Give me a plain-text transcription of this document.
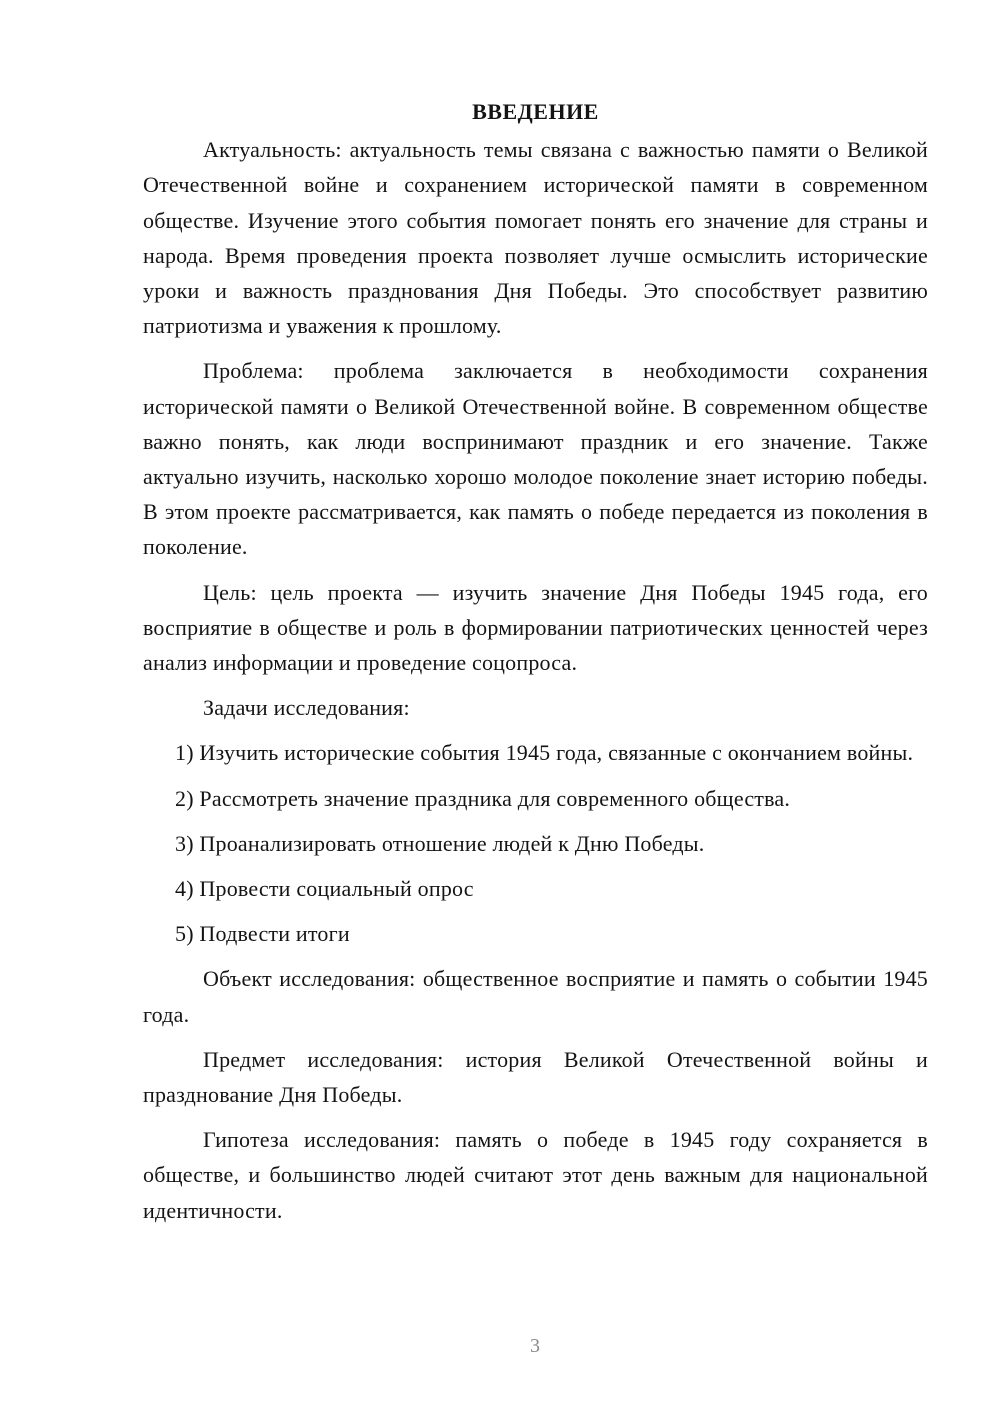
ВВЕДЕНИЕ

Актуальность: актуальность темы связана с важностью памяти о Великой Отечественной войне и сохранением исторической памяти в современном обществе. Изучение этого события помогает понять его значение для страны и народа. Время проведения проекта позволяет лучше осмыслить исторические уроки и важность празднования Дня Победы. Это способствует развитию патриотизма и уважения к прошлому.

Проблема: проблема заключается в необходимости сохранения исторической памяти о Великой Отечественной войне. В современном обществе важно понять, как люди воспринимают праздник и его значение. Также актуально изучить, насколько хорошо молодое поколение знает историю победы. В этом проекте рассматривается, как память о победе передается из поколения в поколение.

Цель: цель проекта — изучить значение Дня Победы 1945 года, его восприятие в обществе и роль в формировании патриотических ценностей через анализ информации и проведение соцопроса.

Задачи исследования:

1) Изучить исторические события 1945 года, связанные с окончанием войны.

2) Рассмотреть значение праздника для современного общества.

3) Проанализировать отношение людей к Дню Победы.

4) Провести социальный опрос

5) Подвести итоги

Объект исследования: общественное восприятие и память о событии 1945 года.

Предмет исследования: история Великой Отечественной войны и празднование Дня Победы.

Гипотеза исследования: память о победе в 1945 году сохраняется в обществе, и большинство людей считают этот день важным для национальной идентичности.

3
